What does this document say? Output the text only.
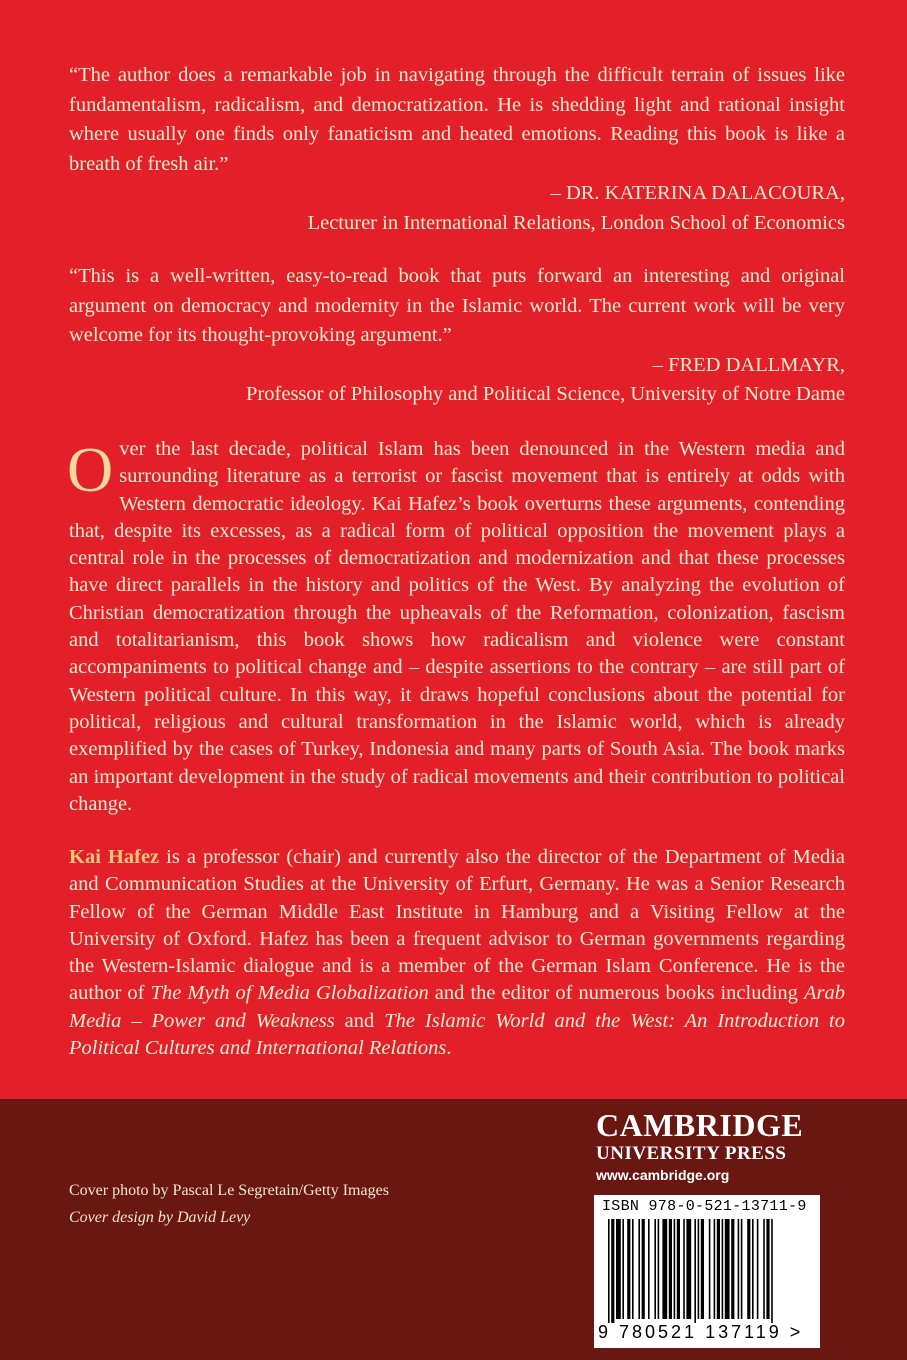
“The author does a remarkable job in navigating through the difficult terrain of issues like fundamentalism, radicalism, and democratization. He is shedding light and rational insight where usually one finds only fanaticism and heated emotions. Reading this book is like a breath of fresh air.”
– DR. KATERINA DALACOURA,
Lecturer in International Relations, London School of Economics
“This is a well-written, easy-to-read book that puts forward an interesting and original argument on democracy and modernity in the Islamic world. The current work will be very welcome for its thought-provoking argument.”
– FRED DALLMAYR,
Professor of Philosophy and Political Science, University of Notre Dame
Over the last decade, political Islam has been denounced in the Western media and surrounding literature as a terrorist or fascist movement that is entirely at odds with Western democratic ideology. Kai Hafez’s book overturns these arguments, contending that, despite its excesses, as a radical form of political opposition the movement plays a central role in the processes of democratization and modernization and that these processes have direct parallels in the history and politics of the West. By analyzing the evolution of Christian democratization through the upheavals of the Reformation, colonization, fascism and totalitarianism, this book shows how radicalism and violence were constant accompaniments to political change and – despite assertions to the contrary – are still part of Western political culture. In this way, it draws hopeful conclusions about the potential for political, religious and cultural transformation in the Islamic world, which is already exemplified by the cases of Turkey, Indonesia and many parts of South Asia. The book marks an important development in the study of radical movements and their contribution to political change.
Kai Hafez is a professor (chair) and currently also the director of the Department of Media and Communication Studies at the University of Erfurt, Germany. He was a Senior Research Fellow of the German Middle East Institute in Hamburg and a Visiting Fellow at the University of Oxford. Hafez has been a frequent advisor to German governments regarding the Western-Islamic dialogue and is a member of the German Islam Conference. He is the author of The Myth of Media Globalization and the editor of numerous books including Arab Media – Power and Weakness and The Islamic World and the West: An Introduction to Political Cultures and International Relations.
Cover photo by Pascal Le Segretain/Getty Images
Cover design by David Levy
CAMBRIDGE
UNIVERSITY PRESS
www.cambridge.org
ISBN 978-0-521-13711-9
9 780521 137119 >
